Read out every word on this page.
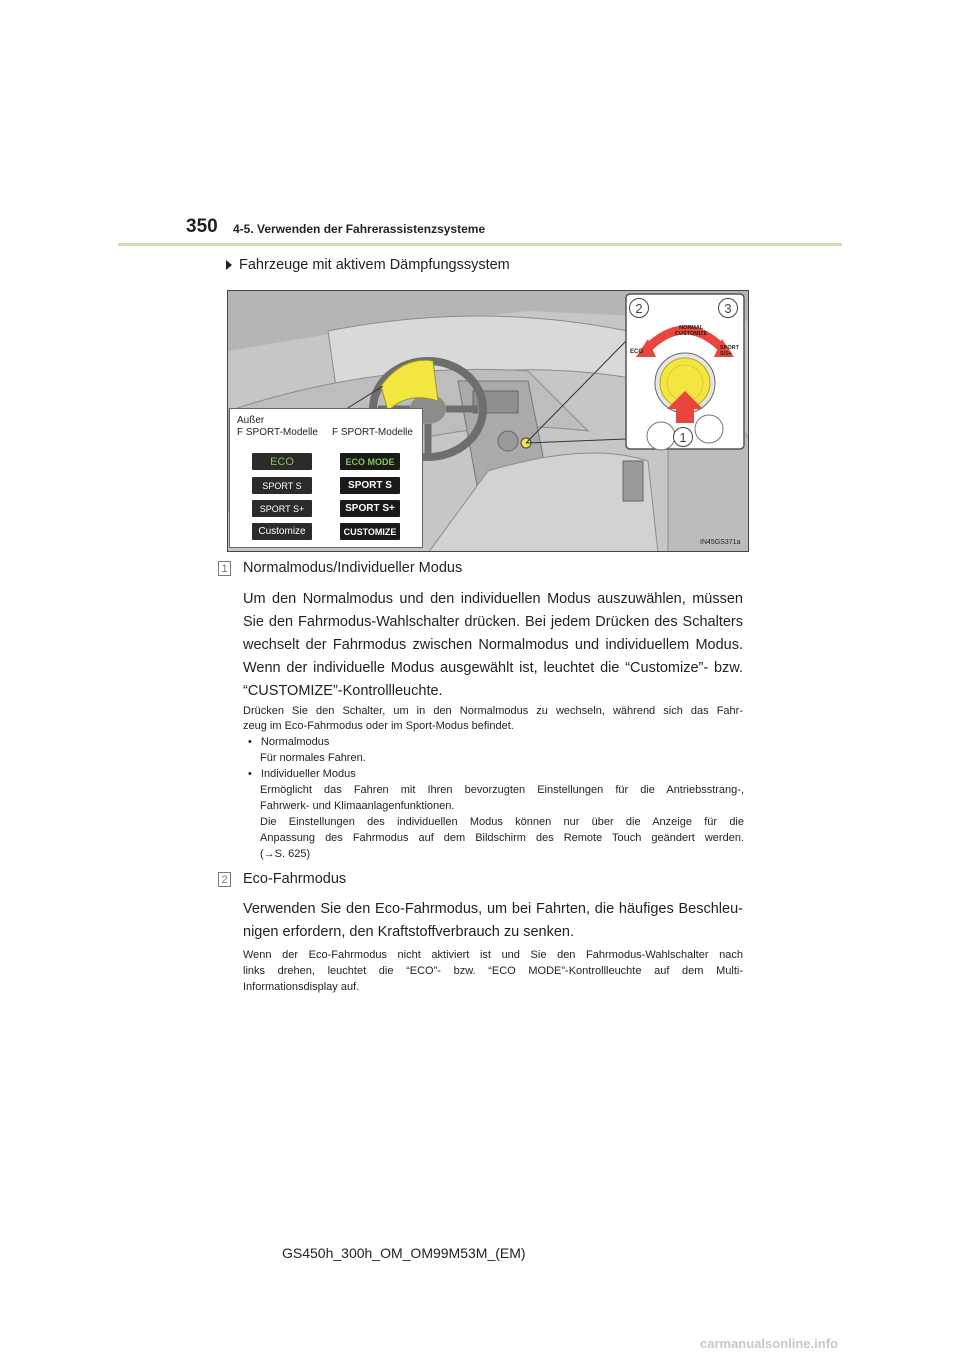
350 4-5. Verwenden der Fahrerassistenzsysteme
Fahrzeuge mit aktivem Dämpfungssystem
NORMAL
CUSTOMIZE
ECO
SPORT
S/S+
2	3
1
IN45GS371a
Außer
F SPORT-Modelle F SPORT-Modelle
ECO
SPORT S
SPORT S+
Customize
ECO MODE
SPORT S
SPORT S+
CUSTOMIZE
1 Normalmodus/Individueller Modus
Um den Normalmodus und den individuellen Modus auszuwählen, müssen
Sie den Fahrmodus-Wahlschalter drücken. Bei jedem Drücken des Schalters
wechselt der Fahrmodus zwischen Normalmodus und individuellem Modus.
Wenn der individuelle Modus ausgewählt ist, leuchtet die “Customize”- bzw.
“CUSTOMIZE”-Kontrollleuchte.
Drücken Sie den Schalter, um in den Normalmodus zu wechseln, während sich das Fahr-
zeug im Eco-Fahrmodus oder im Sport-Modus befindet.
• Normalmodus
Für normales Fahren.
• Individueller Modus
Ermöglicht das Fahren mit Ihren bevorzugten Einstellungen für die Antriebsstrang-,
Fahrwerk- und Klimaanlagenfunktionen.
Die Einstellungen des individuellen Modus können nur über die Anzeige für die
Anpassung des Fahrmodus auf dem Bildschirm des Remote Touch geändert werden.
(→S. 625)
2 Eco-Fahrmodus
Verwenden Sie den Eco-Fahrmodus, um bei Fahrten, die häufiges Beschleu-
nigen erfordern, den Kraftstoffverbrauch zu senken.
Wenn der Eco-Fahrmodus nicht aktiviert ist und Sie den Fahrmodus-Wahlschalter nach
links drehen, leuchtet die “ECO”- bzw. “ECO MODE”-Kontrollleuchte auf dem Multi-
Informationsdisplay auf.
GS450h_300h_OM_OM99M53M_(EM)
carmanualsonline.info
